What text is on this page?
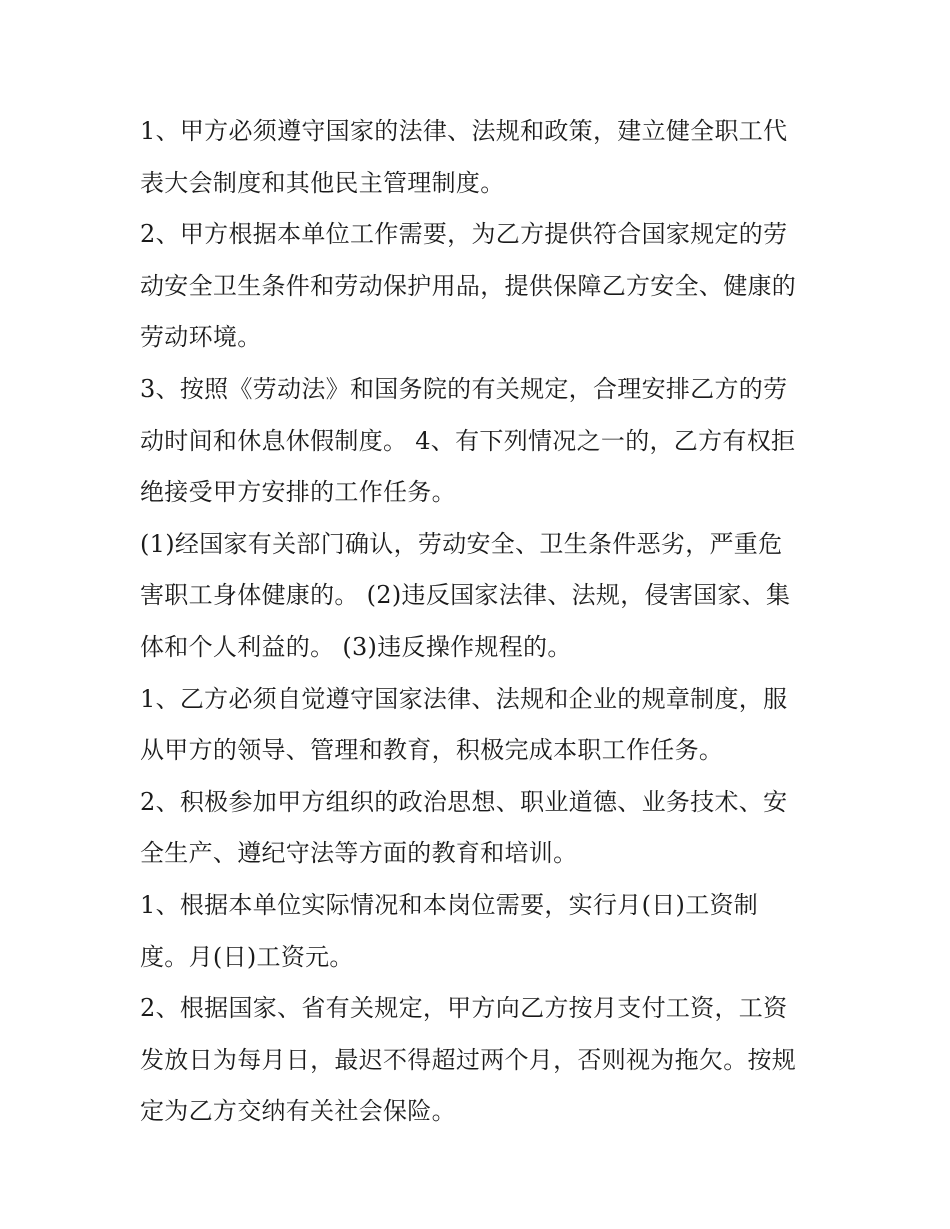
1、甲方必须遵守国家的法律、法规和政策，建立健全职工代
表大会制度和其他民主管理制度。
2、甲方根据本单位工作需要，为乙方提供符合国家规定的劳
动安全卫生条件和劳动保护用品，提供保障乙方安全、健康的
劳动环境。
3、按照《劳动法》和国务院的有关规定，合理安排乙方的劳
动时间和休息休假制度。 4、有下列情况之一的，乙方有权拒
绝接受甲方安排的工作任务。
(1)经国家有关部门确认，劳动安全、卫生条件恶劣，严重危
害职工身体健康的。 (2)违反国家法律、法规，侵害国家、集
体和个人利益的。 (3)违反操作规程的。
1、乙方必须自觉遵守国家法律、法规和企业的规章制度，服
从甲方的领导、管理和教育，积极完成本职工作任务。
2、积极参加甲方组织的政治思想、职业道德、业务技术、安
全生产、遵纪守法等方面的教育和培训。
1、根据本单位实际情况和本岗位需要，实行月(日)工资制
度。月(日)工资元。
2、根据国家、省有关规定，甲方向乙方按月支付工资，工资
发放日为每月日，最迟不得超过两个月，否则视为拖欠。按规
定为乙方交纳有关社会保险。
